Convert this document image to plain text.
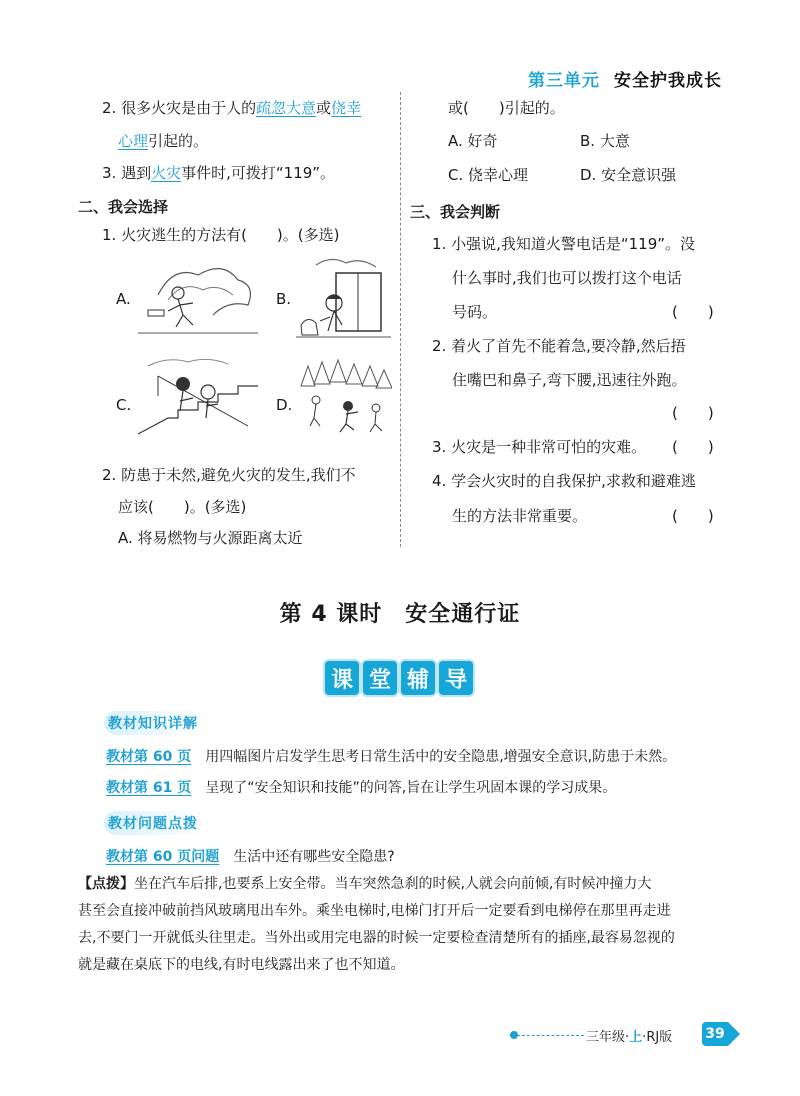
第三单元 安全护我成长
2. 很多火灾是由于人的疏忽大意或侥幸
心理引起的。
3. 遇到火灾事件时,可拨打“119”。
二、我会选择
1. 火灾逃生的方法有(　　)。(多选)
A.	B.
C.	D.
2. 防患于未然,避免火灾的发生,我们不
应该(　　)。(多选)
A. 将易燃物与火源距离太近
或(　　)引起的。
A. 好奇	B. 大意
C. 侥幸心理	D. 安全意识强
三、我会判断
1. 小强说,我知道火警电话是“119”。没
什么事时,我们也可以拨打这个电话
号码。	(　　)
2. 着火了首先不能着急,要冷静,然后捂
住嘴巴和鼻子,弯下腰,迅速往外跑。
(　　)
3. 火灾是一种非常可怕的灾难。 (　　)
4. 学会火灾时的自我保护,求救和避难逃
生的方法非常重要。	(　　)
第 4 课时　安全通行证
课 堂 辅 导
教材知识详解
教材第 60 页 用四幅图片启发学生思考日常生活中的安全隐患,增强安全意识,防患于未然。
教材第 61 页 呈现了“安全知识和技能”的问答,旨在让学生巩固本课的学习成果。
教材问题点拨
教材第 60 页问题 生活中还有哪些安全隐患?
【点拨】坐在汽车后排,也要系上安全带。当车突然急刹的时候,人就会向前倾,有时候冲撞力大
甚至会直接冲破前挡风玻璃甩出车外。乘坐电梯时,电梯门打开后一定要看到电梯停在那里再走进
去,不要门一开就低头往里走。当外出或用完电器的时候一定要检查清楚所有的插座,最容易忽视的
就是藏在桌底下的电线,有时电线露出来了也不知道。
三年级·上·RJ版 39
